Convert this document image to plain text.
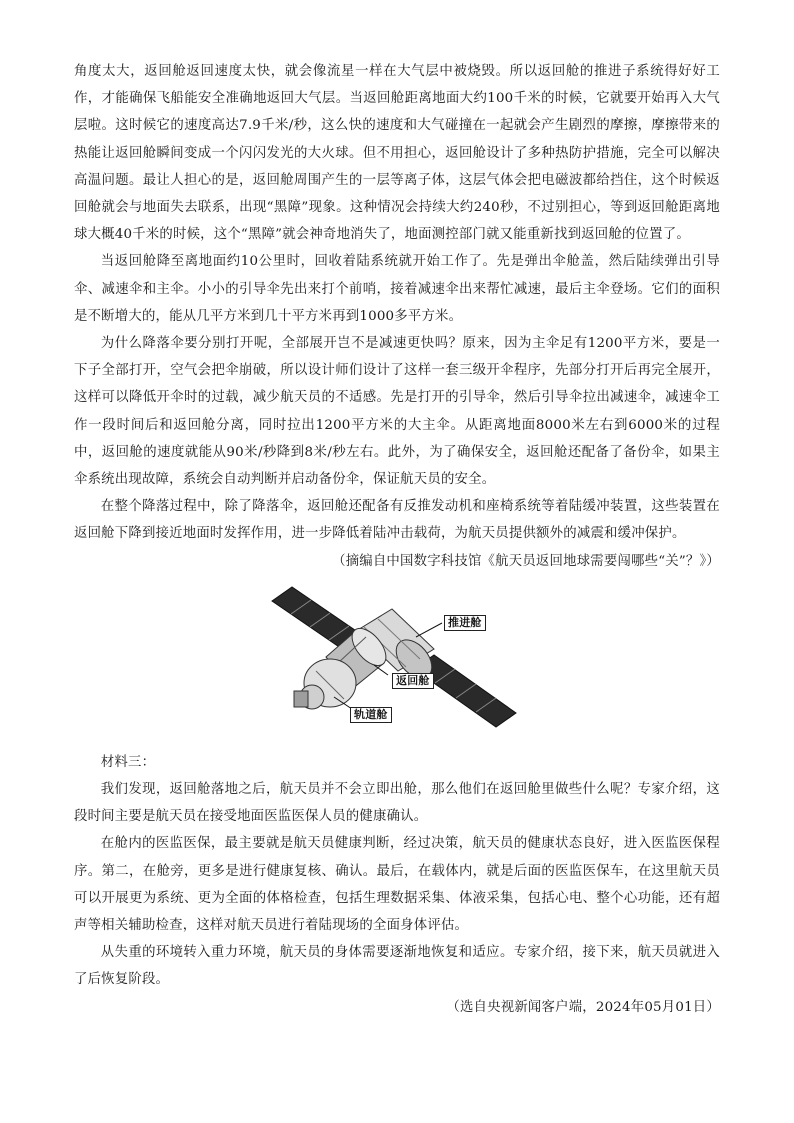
角度太大，返回舱返回速度太快，就会像流星一样在大气层中被烧毁。所以返回舱的推进子系统得好好工作，才能确保飞船能安全准确地返回大气层。当返回舱距离地面大约100千米的时候，它就要开始再入大气层啦。这时候它的速度高达7.9千米/秒，这么快的速度和大气碰撞在一起就会产生剧烈的摩擦，摩擦带来的热能让返回舱瞬间变成一个闪闪发光的大火球。但不用担心，返回舱设计了多种热防护措施，完全可以解决高温问题。最让人担心的是，返回舱周围产生的一层等离子体，这层气体会把电磁波都给挡住，这个时候返回舱就会与地面失去联系，出现“黑障”现象。这种情况会持续大约240秒，不过别担心，等到返回舱距离地球大概40千米的时候，这个“黑障”就会神奇地消失了，地面测控部门就又能重新找到返回舱的位置了。

当返回舱降至离地面约10公里时，回收着陆系统就开始工作了。先是弹出伞舱盖，然后陆续弹出引导伞、减速伞和主伞。小小的引导伞先出来打个前哨，接着减速伞出来帮忙减速，最后主伞登场。它们的面积是不断增大的，能从几平方米到几十平方米再到1000多平方米。

为什么降落伞要分别打开呢，全部展开岂不是减速更快吗？原来，因为主伞足有1200平方米，要是一下子全部打开，空气会把伞崩破，所以设计师们设计了这样一套三级开伞程序，先部分打开后再完全展开，这样可以降低开伞时的过载，减少航天员的不适感。先是打开的引导伞，然后引导伞拉出减速伞，减速伞工作一段时间后和返回舱分离，同时拉出1200平方米的大主伞。从距离地面8000米左右到6000米的过程中，返回舱的速度就能从90米/秒降到8米/秒左右。此外，为了确保安全，返回舱还配备了备份伞，如果主伞系统出现故障，系统会自动判断并启动备份伞，保证航天员的安全。

在整个降落过程中，除了降落伞，返回舱还配备有反推发动机和座椅系统等着陆缓冲装置，这些装置在返回舱下降到接近地面时发挥作用，进一步降低着陆冲击载荷，为航天员提供额外的减震和缓冲保护。

（摘编自中国数字科技馆《航天员返回地球需要闯哪些“关”？》）

推进舱
返回舱
轨道舱

材料三：

我们发现，返回舱落地之后，航天员并不会立即出舱，那么他们在返回舱里做些什么呢？专家介绍，这段时间主要是航天员在接受地面医监医保人员的健康确认。

在舱内的医监医保，最主要就是航天员健康判断，经过决策，航天员的健康状态良好，进入医监医保程序。第二，在舱旁，更多是进行健康复核、确认。最后，在载体内，就是后面的医监医保车，在这里航天员可以开展更为系统、更为全面的体格检查，包括生理数据采集、体液采集，包括心电、整个心功能，还有超声等相关辅助检查，这样对航天员进行着陆现场的全面身体评估。

从失重的环境转入重力环境，航天员的身体需要逐渐地恢复和适应。专家介绍，接下来，航天员就进入了后恢复阶段。

（选自央视新闻客户端，2024年05月01日）
